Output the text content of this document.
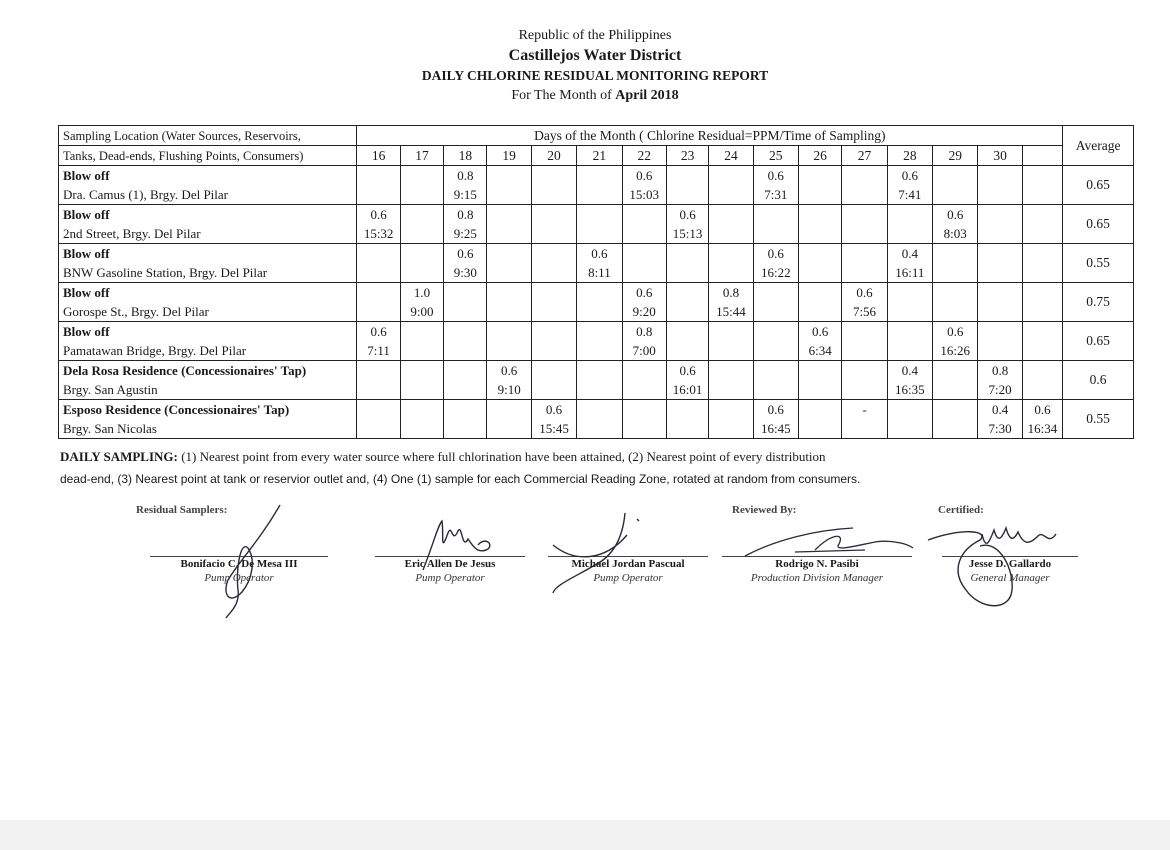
Republic of the Philippines
Castillejos Water District
DAILY CHLORINE RESIDUAL MONITORING REPORT
For The Month of April 2018
Sampling Location (Water Sources, Reservoirs,	Days of the Month ( Chlorine Residual=PPM/Time of Sampling)																Average
Tanks, Dead-ends, Flushing Points, Consumers)	16	17	18	19	20	21	22	23	24	25	26	27	28	29	30		
Blow off			0.8				0.6			0.6			0.6				0.65
Dra. Camus (1), Brgy. Del Pilar			9:15				15:03			7:31			7:41				
Blow off	0.6		0.8					0.6						0.6			0.65
2nd Street, Brgy. Del Pilar	15:32		9:25					15:13						8:03			
Blow off			0.6			0.6				0.6			0.4				0.55
BNW Gasoline Station, Brgy. Del Pilar			9:30			8:11				16:22			16:11				
Blow off		1.0					0.6		0.8			0.6					0.75
Gorospe St., Brgy. Del Pilar		9:00					9:20		15:44			7:56					
Blow off	0.6						0.8				0.6			0.6			0.65
Pamatawan Bridge, Brgy. Del Pilar	7:11						7:00				6:34			16:26			
Dela Rosa Residence (Concessionaires' Tap)				0.6				0.6					0.4		0.8		0.6
Brgy. San Agustin				9:10				16:01					16:35		7:20		
Esposo Residence (Concessionaires' Tap)					0.6					0.6		-			0.4	0.6	0.55
Brgy. San Nicolas					15:45					16:45					7:30	16:34	
DAILY SAMPLING: (1) Nearest point from every water source where full chlorination have been attained, (2) Nearest point of every distribution
dead-end, (3) Nearest point at tank or reservior outlet and, (4) One (1) sample for each Commercial Reading Zone, rotated at random from consumers.
Residual Samplers:	Reviewed By:	Certified:
Bonifacio C. De Mesa III
Pump Operator
Eric Allen De Jesus
Pump Operator
Michael Jordan Pascual
Pump Operator
Rodrigo N. Pasibi
Production Division Manager
Jesse D. Gallardo
General Manager
